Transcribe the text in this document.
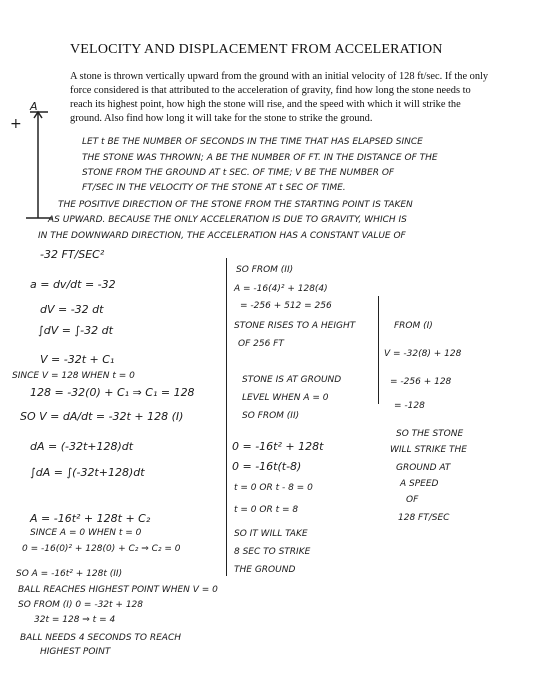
VELOCITY AND DISPLACEMENT FROM ACCELERATION
A stone is thrown vertically upward from the ground with an initial velocity of 128 ft/sec. If the only force considered is that attributed to the acceleration of gravity, find how long the stone needs to reach its highest point, how high the stone will rise, and the speed with which it will strike the ground. Also find how long it will take for the stone to strike the ground.
A
+
LET t BE THE NUMBER OF SECONDS IN THE TIME THAT HAS ELAPSED SINCE
THE STONE WAS THROWN; A BE THE NUMBER OF FT. IN THE DISTANCE OF THE
STONE FROM THE GROUND AT t SEC. OF TIME; V BE THE NUMBER OF
FT/SEC IN THE VELOCITY OF THE STONE AT t SEC OF TIME.
THE POSITIVE DIRECTION OF THE STONE FROM THE STARTING POINT IS TAKEN
AS UPWARD. BECAUSE THE ONLY ACCELERATION IS DUE TO GRAVITY, WHICH IS
IN THE DOWNWARD DIRECTION, THE ACCELERATION HAS A CONSTANT VALUE OF
-32 FT/SEC²
a = dv/dt = -32
dV = -32 dt
∫dV = ∫-32 dt
V = -32t + C₁
SINCE V = 128 WHEN t = 0
128 = -32(0) + C₁ ⇒ C₁ = 128
SO V = dA/dt = -32t + 128 (I)
dA = (-32t+128)dt
∫dA = ∫(-32t+128)dt
A = -16t² + 128t + C₂
SINCE A = 0 WHEN t = 0
0 = -16(0)² + 128(0) + C₂ ⇒ C₂ = 0
SO A = -16t² + 128t (II)
BALL REACHES HIGHEST POINT WHEN V = 0
SO FROM (I) 0 = -32t + 128
32t = 128 ⇒ t = 4
BALL NEEDS 4 SECONDS TO REACH
HIGHEST POINT
SO FROM (II)
A = -16(4)² + 128(4)
= -256 + 512 = 256
STONE RISES TO A HEIGHT
OF 256 FT
STONE IS AT GROUND
LEVEL WHEN A = 0
SO FROM (II)
0 = -16t² + 128t
0 = -16t(t-8)
t = 0 OR t - 8 = 0
t = 0 OR t = 8
SO IT WILL TAKE
8 SEC TO STRIKE
THE GROUND
FROM (I)
V = -32(8) + 128
= -256 + 128
= -128
SO THE STONE
WILL STRIKE THE
GROUND AT
A SPEED
OF
128 FT/SEC
